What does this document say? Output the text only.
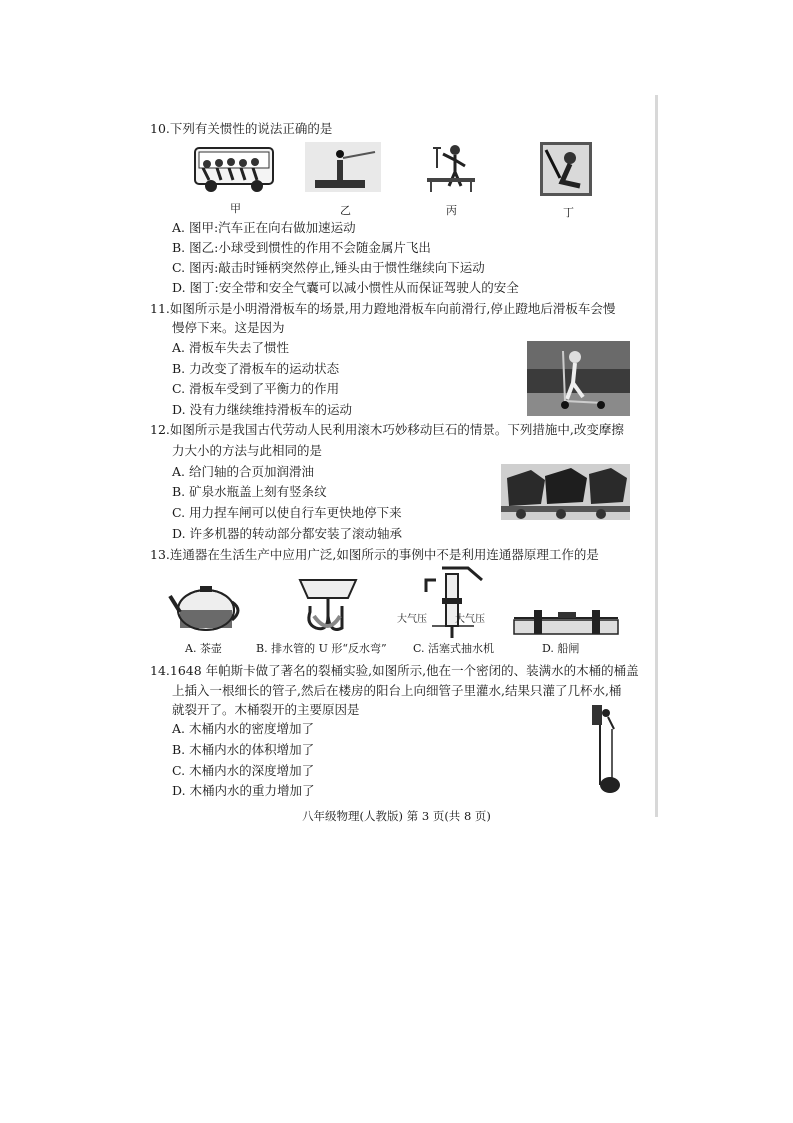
10.下列有关惯性的说法正确的是
甲	乙	丙	丁
A. 图甲:汽车正在向右做加速运动
B. 图乙:小球受到惯性的作用不会随金属片飞出
C. 图丙:敲击时锤柄突然停止,锤头由于惯性继续向下运动
D. 图丁:安全带和安全气囊可以减小惯性从而保证驾驶人的安全
11.如图所示是小明滑滑板车的场景,用力蹬地滑板车向前滑行,停止蹬地后滑板车会慢
慢停下来。这是因为
A. 滑板车失去了惯性
B. 力改变了滑板车的运动状态
C. 滑板车受到了平衡力的作用
D. 没有力继续维持滑板车的运动
12.如图所示是我国古代劳动人民利用滚木巧妙移动巨石的情景。下列措施中,改变摩擦
力大小的方法与此相同的是
A. 给门轴的合页加润滑油
B. 矿泉水瓶盖上刻有竖条纹
C. 用力捏车闸可以使自行车更快地停下来
D. 许多机器的转动部分都安装了滚动轴承
13.连通器在生活生产中应用广泛,如图所示的事例中不是利用连通器原理工作的是
大气压	大气压
A. 茶壶	B. 排水管的 U 形“反水弯” C. 活塞式抽水机	D. 船闸
14.1648 年帕斯卡做了著名的裂桶实验,如图所示,他在一个密闭的、装满水的木桶的桶盖
上插入一根细长的管子,然后在楼房的阳台上向细管子里灌水,结果只灌了几杯水,桶
就裂开了。木桶裂开的主要原因是
A. 木桶内水的密度增加了
B. 木桶内水的体积增加了
C. 木桶内水的深度增加了
D. 木桶内水的重力增加了
八年级物理(人教版) 第 3 页(共 8 页)
